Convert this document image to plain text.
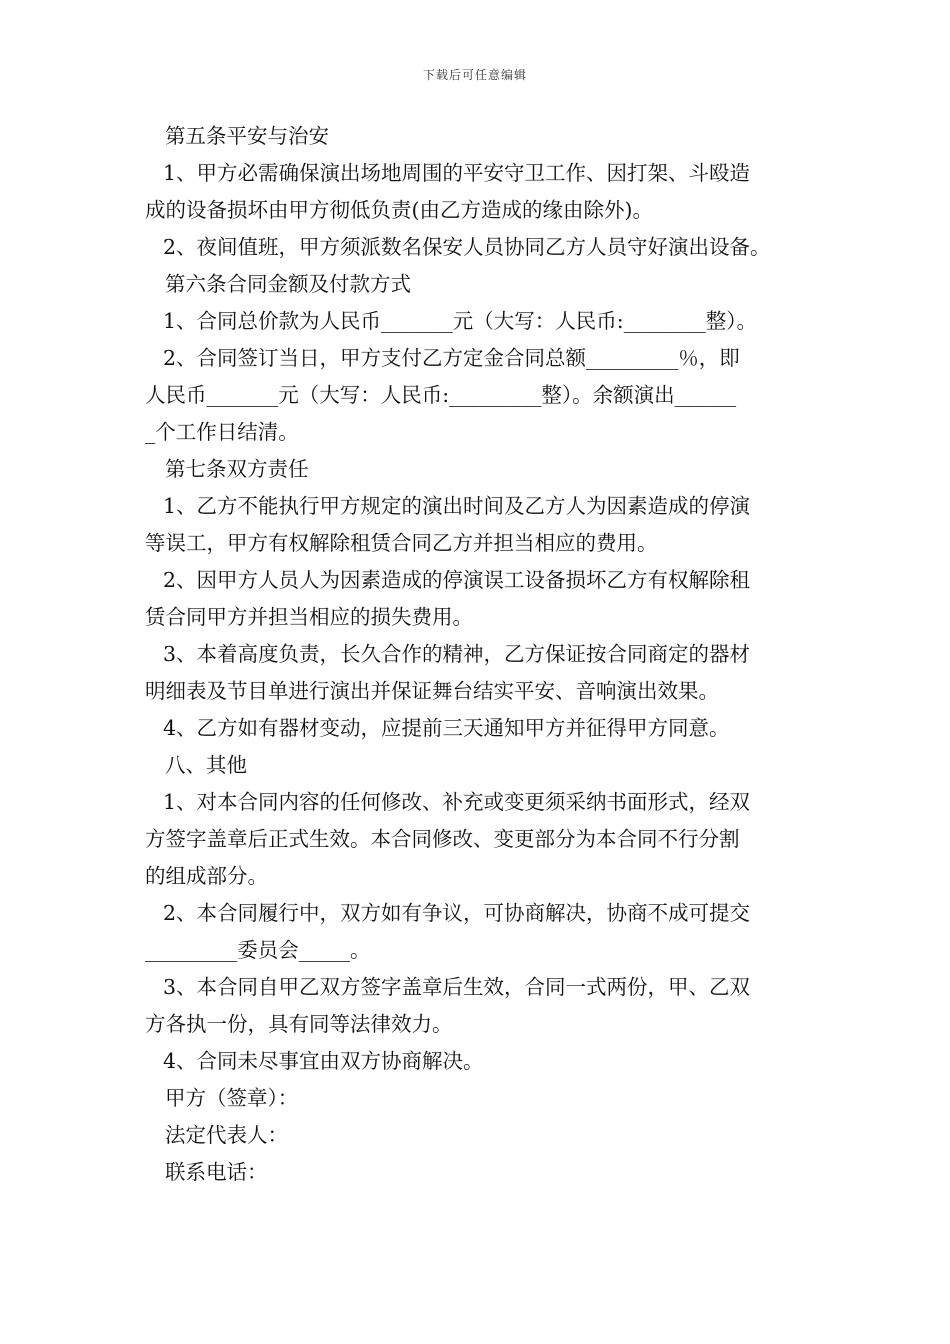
下载后可任意编辑
第五条平安与治安
1、甲方必需确保演出场地周围的平安守卫工作、因打架、斗殴造
成的设备损坏由甲方彻低负责(由乙方造成的缘由除外)。
2、夜间值班，甲方须派数名保安人员协同乙方人员守好演出设备。
第六条合同金额及付款方式
1、合同总价款为人民币_______元（大写：人民币:________整）。
2、合同签订当日，甲方支付乙方定金合同总额_________％，即
人民币_______元（大写：人民币:_________整）。余额演出______
_个工作日结清。
第七条双方责任
1、乙方不能执行甲方规定的演出时间及乙方人为因素造成的停演
等误工，甲方有权解除租赁合同乙方并担当相应的费用。
2、因甲方人员人为因素造成的停演误工设备损坏乙方有权解除租
赁合同甲方并担当相应的损失费用。
3、本着高度负责，长久合作的精神，乙方保证按合同商定的器材
明细表及节目单进行演出并保证舞台结实平安、音响演出效果。
4、乙方如有器材变动，应提前三天通知甲方并征得甲方同意。
八、其他
1、对本合同内容的任何修改、补充或变更须采纳书面形式，经双
方签字盖章后正式生效。本合同修改、变更部分为本合同不行分割
的组成部分。
2、本合同履行中，双方如有争议，可协商解决，协商不成可提交
_________委员会_____。
3、本合同自甲乙双方签字盖章后生效，合同一式两份，甲、乙双
方各执一份，具有同等法律效力。
4、合同未尽事宜由双方协商解决。
甲方（签章）：
法定代表人：
联系电话：
